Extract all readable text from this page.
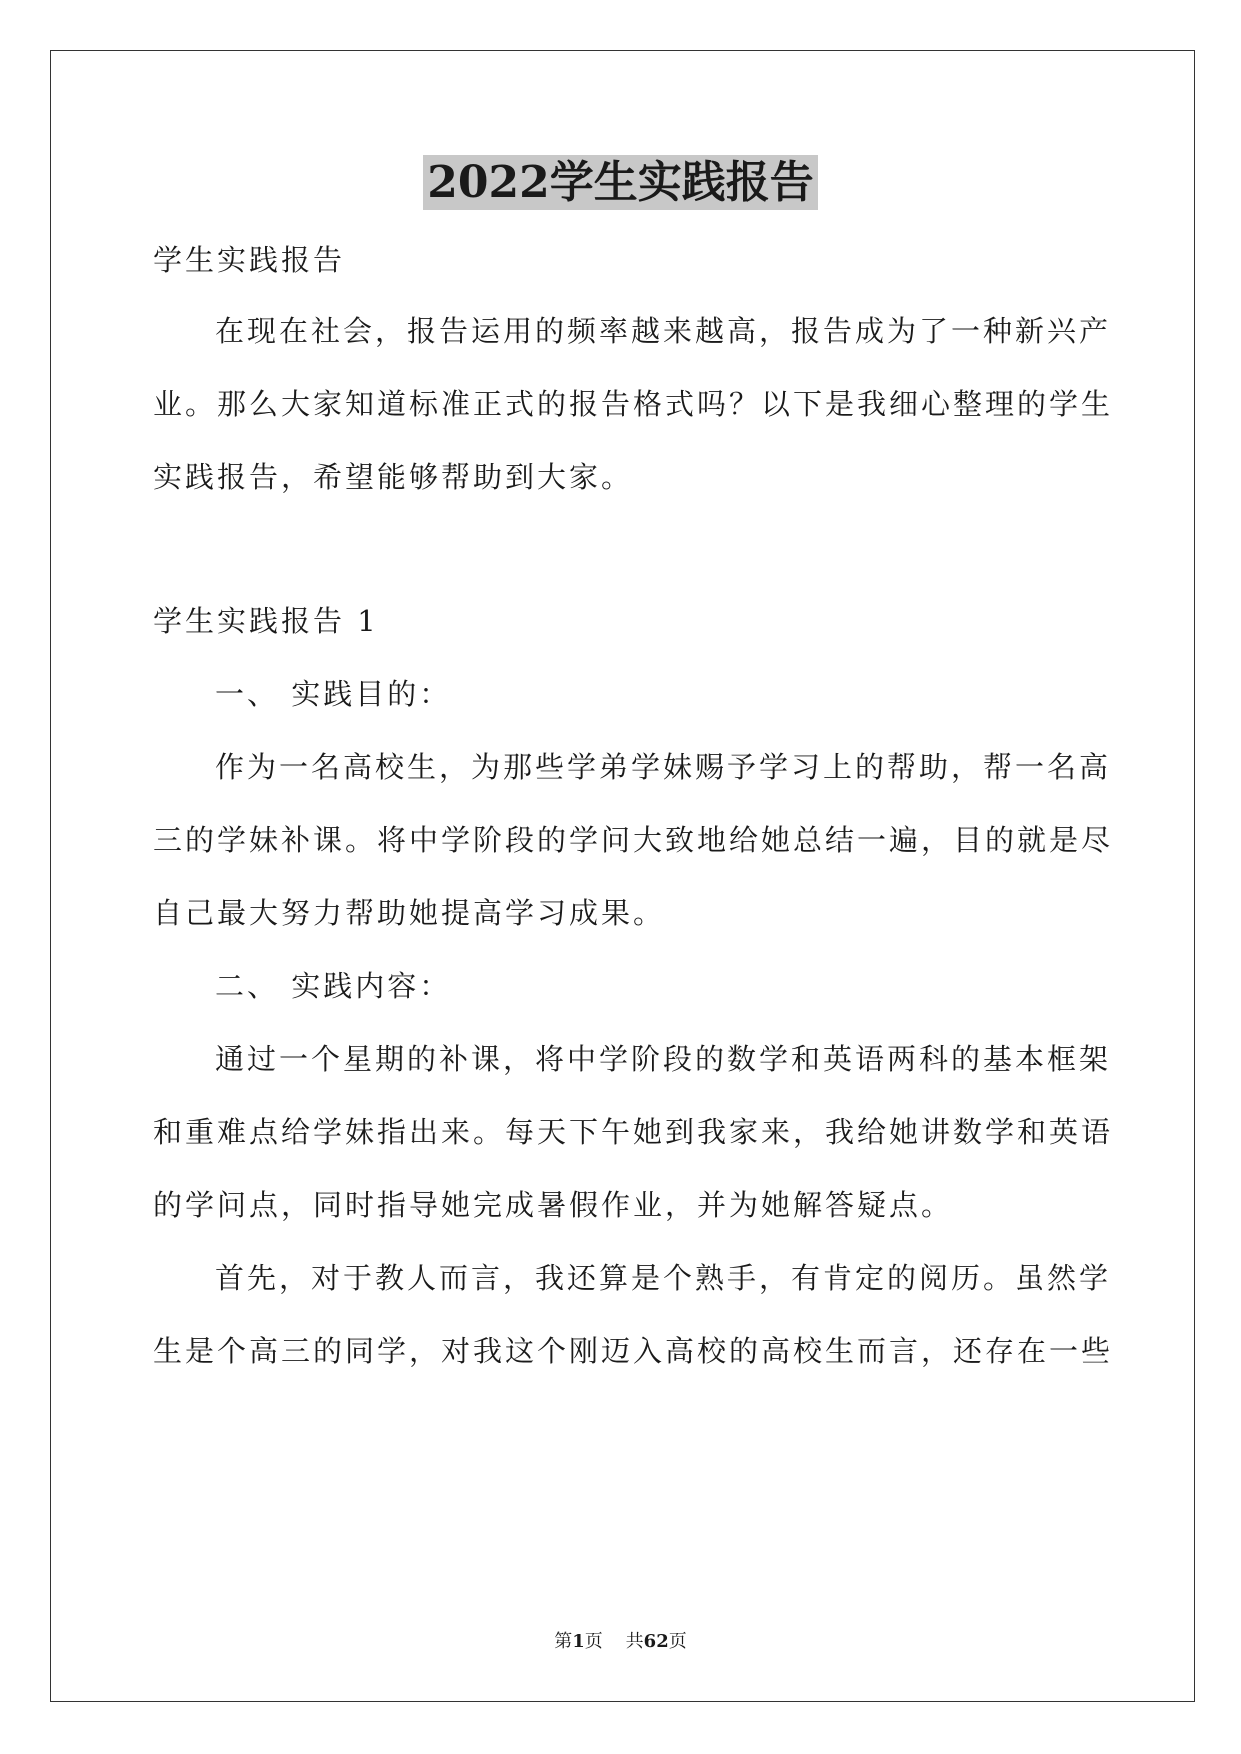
2022学生实践报告
学生实践报告
在现在社会，报告运用的频率越来越高，报告成为了一种新兴产
业。那么大家知道标准正式的报告格式吗？以下是我细心整理的学生
实践报告，希望能够帮助到大家。
学生实践报告 1
一、 实践目的：
作为一名高校生，为那些学弟学妹赐予学习上的帮助，帮一名高
三的学妹补课。将中学阶段的学问大致地给她总结一遍，目的就是尽
自己最大努力帮助她提高学习成果。
二、 实践内容：
通过一个星期的补课，将中学阶段的数学和英语两科的基本框架
和重难点给学妹指出来。每天下午她到我家来，我给她讲数学和英语
的学问点，同时指导她完成暑假作业，并为她解答疑点。
首先，对于教人而言，我还算是个熟手，有肯定的阅历。虽然学
生是个高三的同学，对我这个刚迈入高校的高校生而言，还存在一些
第1页 共62页
